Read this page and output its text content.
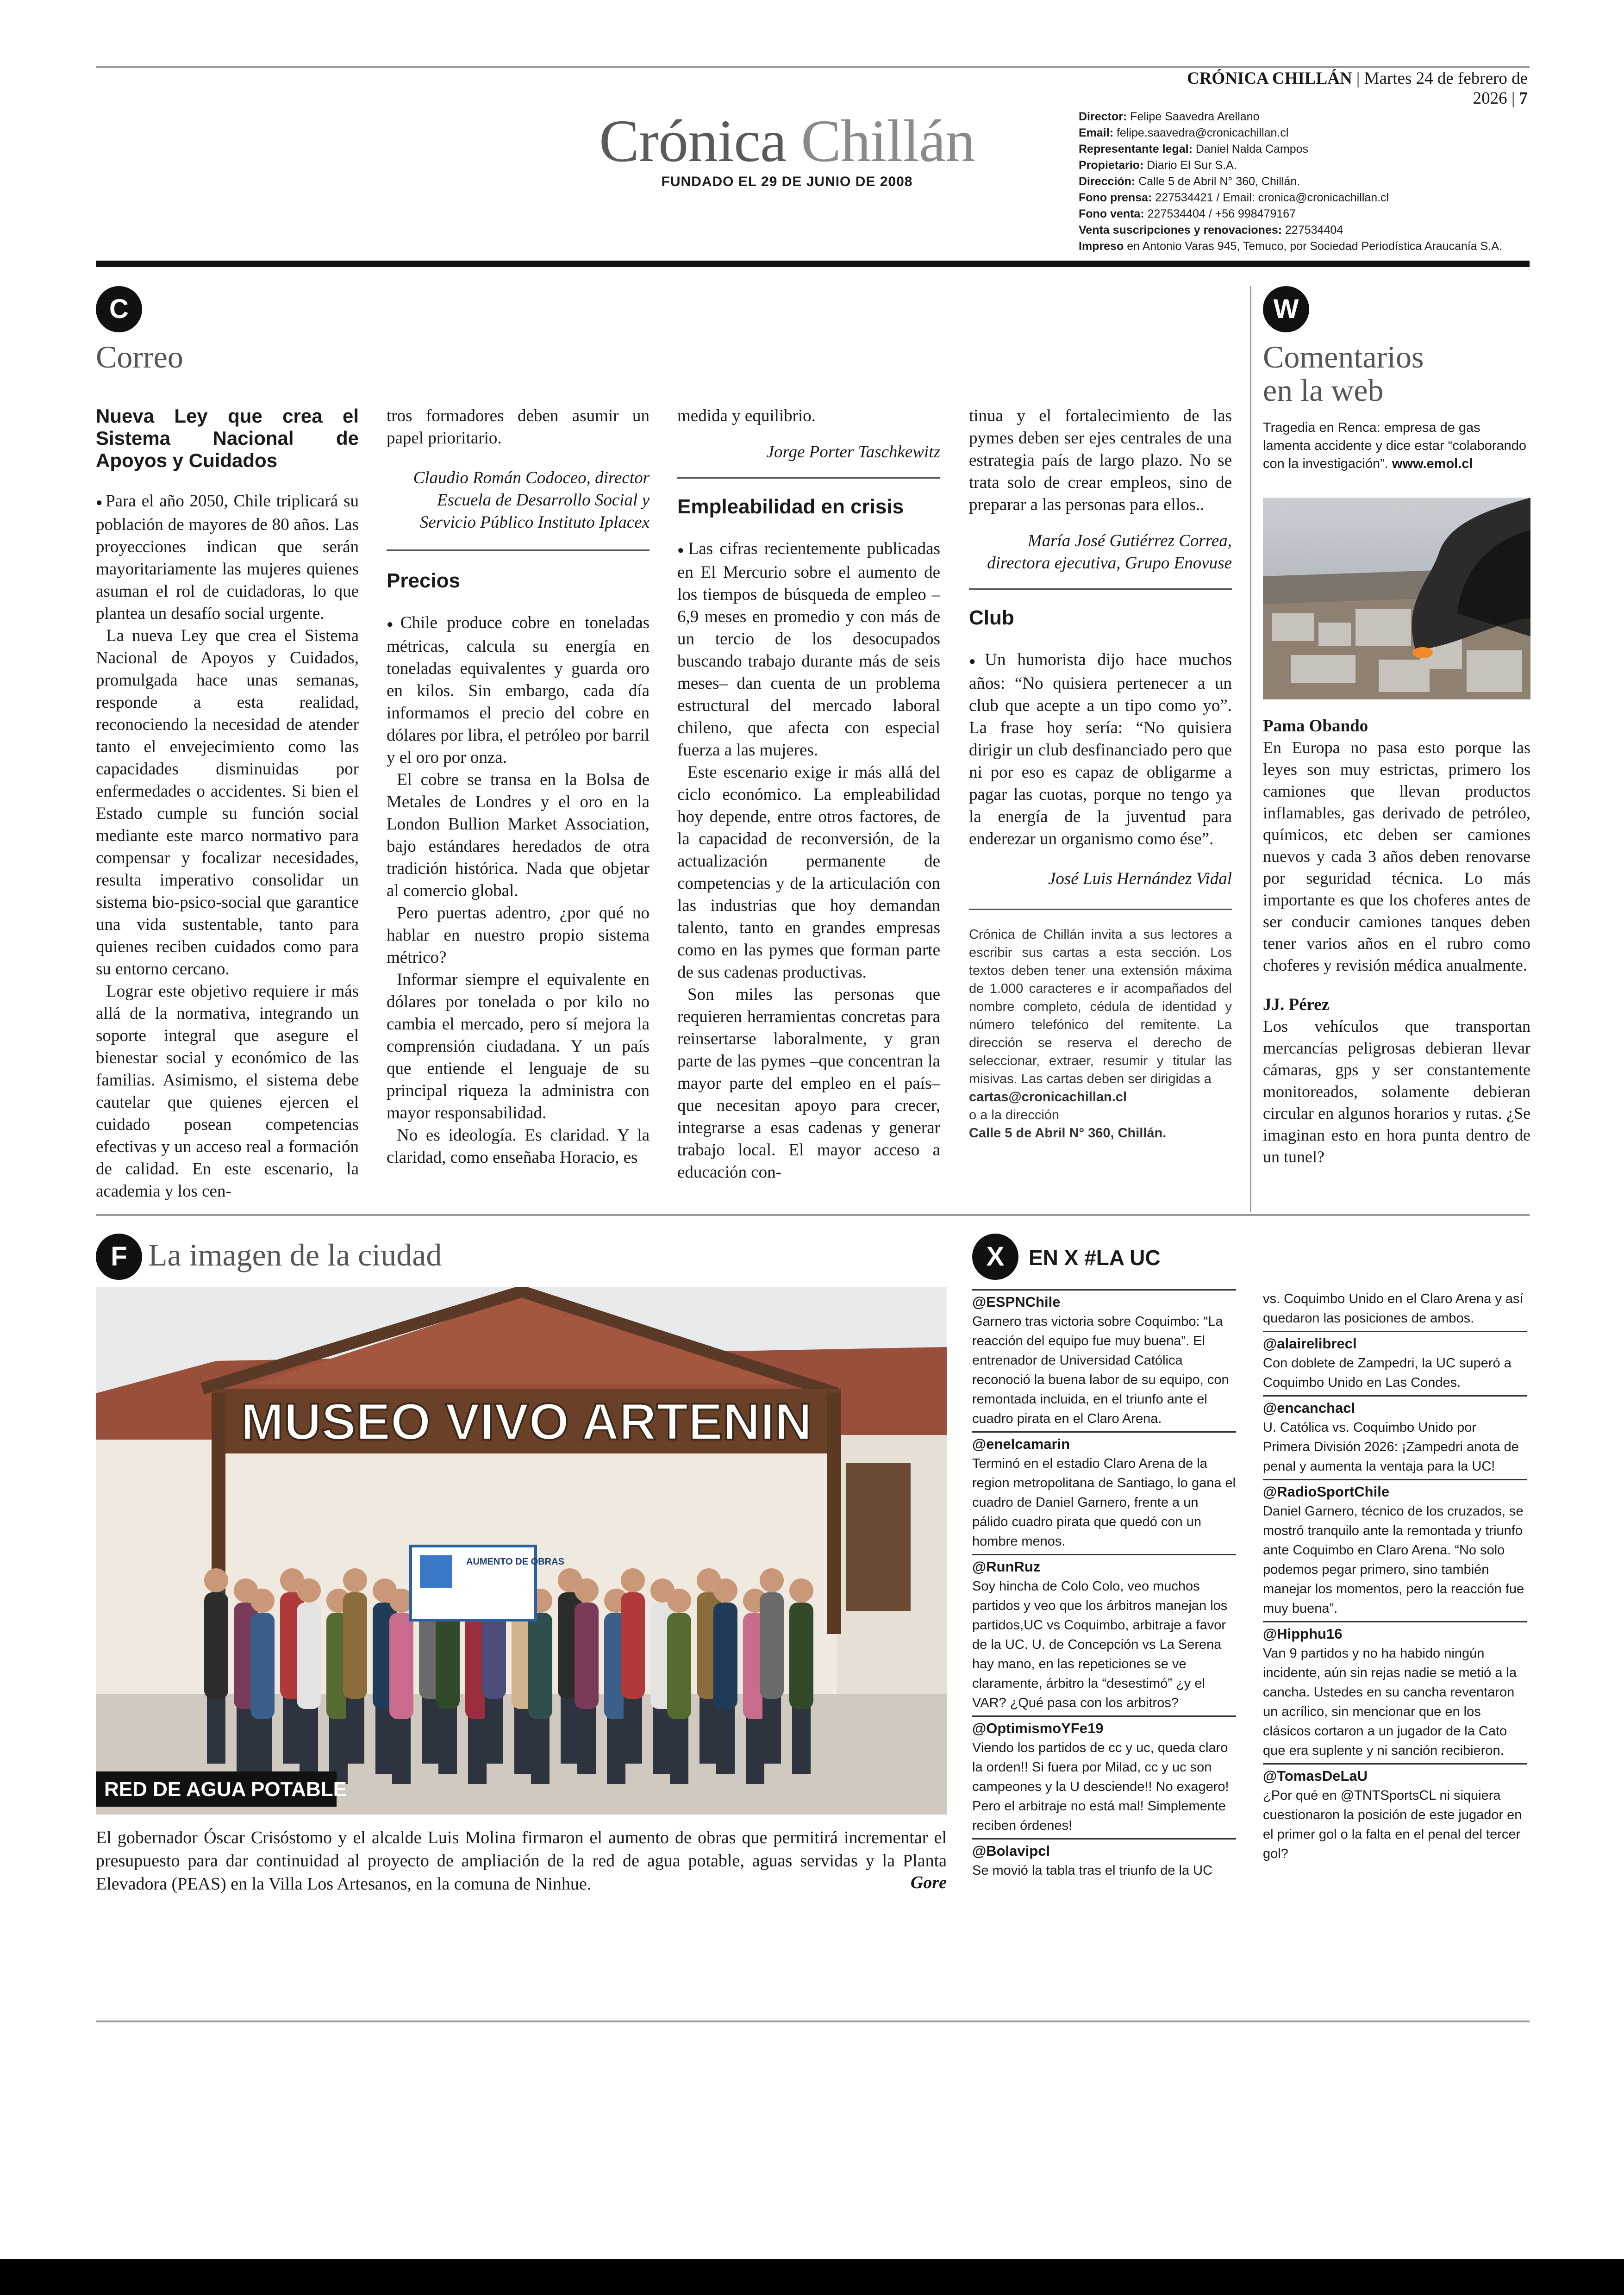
CRÓNICA CHILLÁN | Martes 24 de febrero de 2026 | 7
Crónica Chillán
FUNDADO EL 29 DE JUNIO DE 2008
Director: Felipe Saavedra Arellano
Email: felipe.saavedra@cronicachillan.cl
Representante legal: Daniel Nalda Campos
Propietario: Diario El Sur S.A.
Dirección: Calle 5 de Abril N° 360, Chillán.
Fono prensa: 227534421 / Email: cronica@cronicachillan.cl
Fono venta: 227534404 / +56 998479167
Venta suscripciones y renovaciones: 227534404
Impreso en Antonio Varas 945, Temuco, por Sociedad Periodística Araucanía S.A.
C
Correo
Nueva Ley que crea el Sistema Nacional de Apoyos y Cuidados

● Para el año 2050, Chile triplicará su población de mayores de 80 años. Las proyecciones indican que serán mayoritariamente las mujeres quienes asuman el rol de cuidadoras, lo que plantea un desafío social urgente.

La nueva Ley que crea el Sistema Nacional de Apoyos y Cuidados, promulgada hace unas semanas, responde a esta realidad, reconociendo la necesidad de atender tanto el envejecimiento como las capacidades disminuidas por enfermedades o accidentes. Si bien el Estado cumple su función social mediante este marco normativo para compensar y focalizar necesidades, resulta imperativo consolidar un sistema bio-psico-social que garantice una vida sustentable, tanto para quienes reciben cuidados como para su entorno cercano.

Lograr este objetivo requiere ir más allá de la normativa, integrando un soporte integral que asegure el bienestar social y económico de las familias. Asimismo, el sistema debe cautelar que quienes ejercen el cuidado posean competencias efectivas y un acceso real a formación de calidad. En este escenario, la academia y los cen-

tros formadores deben asumir un papel prioritario.

Claudio Román Codoceo, director Escuela de Desarrollo Social y Servicio Público Instituto Iplacex
Precios

● Chile produce cobre en toneladas métricas, calcula su energía en toneladas equivalentes y guarda oro en kilos. Sin embargo, cada día informamos el precio del cobre en dólares por libra, el petróleo por barril y el oro por onza.

El cobre se transa en la Bolsa de Metales de Londres y el oro en la London Bullion Market Association, bajo estándares heredados de otra tradición histórica. Nada que objetar al comercio global.

Pero puertas adentro, ¿por qué no hablar en nuestro propio sistema métrico?

Informar siempre el equivalente en dólares por tonelada o por kilo no cambia el mercado, pero sí mejora la comprensión ciudadana. Y un país que entiende el lenguaje de su principal riqueza la administra con mayor responsabilidad.

No es ideología. Es claridad. Y la claridad, como enseñaba Horacio, es

medida y equilibrio.

Jorge Porter Taschkewitz
Empleabilidad en crisis

● Las cifras recientemente publicadas en El Mercurio sobre el aumento de los tiempos de búsqueda de empleo –6,9 meses en promedio y con más de un tercio de los desocupados buscando trabajo durante más de seis meses– dan cuenta de un problema estructural del mercado laboral chileno, que afecta con especial fuerza a las mujeres.

Este escenario exige ir más allá del ciclo económico. La empleabilidad hoy depende, entre otros factores, de la capacidad de reconversión, de la actualización permanente de competencias y de la articulación con las industrias que hoy demandan talento, tanto en grandes empresas como en las pymes que forman parte de sus cadenas productivas.

Son miles las personas que requieren herramientas concretas para reinsertarse laboralmente, y gran parte de las pymes –que concentran la mayor parte del empleo en el país– que necesitan apoyo para crecer, integrarse a esas cadenas y generar trabajo local. El mayor acceso a educación con-

tinua y el fortalecimiento de las pymes deben ser ejes centrales de una estrategia país de largo plazo. No se trata solo de crear empleos, sino de preparar a las personas para ellos..

María José Gutiérrez Correa, directora ejecutiva, Grupo Enovuse
Club

● Un humorista dijo hace muchos años: “No quisiera pertenecer a un club que acepte a un tipo como yo”. La frase hoy sería: “No quisiera dirigir un club desfinanciado pero que ni por eso es capaz de obligarme a pagar las cuotas, porque no tengo ya la energía de la juventud para enderezar un organismo como ése”.

José Luis Hernández Vidal
Crónica de Chillán invita a sus lectores a escribir sus cartas a esta sección. Los textos deben tener una extensión máxima de 1.000 caracteres e ir acompañados del nombre completo, cédula de identidad y número telefónico del remitente. La dirección se reserva el derecho de seleccionar, extraer, resumir y titular las misivas. Las cartas deben ser dirigidas a
cartas@cronicachillan.cl
o a la dirección
Calle 5 de Abril N° 360, Chillán.
W
Comentarios
en la web
Tragedia en Renca: empresa de gas lamenta accidente y dice estar “colaborando con la investigación”. www.emol.cl
Pama Obando
En Europa no pasa esto porque las leyes son muy estrictas, primero los camiones que llevan productos inflamables, gas derivado de petróleo, químicos, etc deben ser camiones nuevos y cada 3 años deben renovarse por seguridad técnica. Lo más importante es que los choferes antes de ser conducir camiones tanques deben tener varios años en el rubro como choferes y revisión médica anualmente.
JJ. Pérez
Los vehículos que transportan mercancías peligrosas debieran llevar cámaras, gps y ser constantemente monitoreados, solamente debieran circular en algunos horarios y rutas. ¿Se imaginan esto en hora punta dentro de un tunel?
F La imagen de la ciudad
MUSEO VIVO ARTENIN
AUMENTO DE OBRAS
RED DE AGUA POTABLE
El gobernador Óscar Crisóstomo y el alcalde Luis Molina firmaron el aumento de obras que permitirá incrementar el presupuesto para dar continuidad al proyecto de ampliación de la red de agua potable, aguas servidas y la Planta Elevadora (PEAS) en la Villa Los Artesanos, en la comuna de Ninhue.	Gore
X	EN X #LA UC
@ESPNChile
Garnero tras victoria sobre Coquimbo: “La reacción del equipo fue muy buena”. El entrenador de Universidad Católica reconoció la buena labor de su equipo, con remontada incluida, en el triunfo ante el cuadro pirata en el Claro Arena.
@enelcamarin
Terminó en el estadio Claro Arena de la region metropolitana de Santiago, lo gana el cuadro de Daniel Garnero, frente a un pálido cuadro pirata que quedó con un hombre menos.
@RunRuz
Soy hincha de Colo Colo, veo muchos partidos y veo que los árbitros manejan los partidos,UC vs Coquimbo, arbitraje a favor de la UC. U. de Concepción vs La Serena hay mano, en las repeticiones se ve claramente, árbitro la “desestimó” ¿y el VAR? ¿Qué pasa con los arbitros?
@OptimismoYFe19
Viendo los partidos de cc y uc, queda claro la orden!! Si fuera por Milad, cc y uc son campeones y la U desciende!! No exagero! Pero el arbitraje no está mal! Simplemente reciben órdenes!
@Bolavipcl
Se movió la tabla tras el triunfo de la UC
vs. Coquimbo Unido en el Claro Arena y así quedaron las posiciones de ambos.
@alairelibrecl
Con doblete de Zampedri, la UC superó a Coquimbo Unido en Las Condes.
@encanchacl
U. Católica vs. Coquimbo Unido por Primera División 2026: ¡Zampedri anota de penal y aumenta la ventaja para la UC!
@RadioSportChile
Daniel Garnero, técnico de los cruzados, se mostró tranquilo ante la remontada y triunfo ante Coquimbo en Claro Arena. “No solo podemos pegar primero, sino también manejar los momentos, pero la reacción fue muy buena”.
@Hipphu16
Van 9 partidos y no ha habido ningún incidente, aún sin rejas nadie se metió a la cancha. Ustedes en su cancha reventaron un acrílico, sin mencionar que en los clásicos cortaron a un jugador de la Cato que era suplente y ni sanción recibieron.
@TomasDeLaU
¿Por qué en @TNTSportsCL ni siquiera cuestionaron la posición de este jugador en el primer gol o la falta en el penal del tercer gol?
